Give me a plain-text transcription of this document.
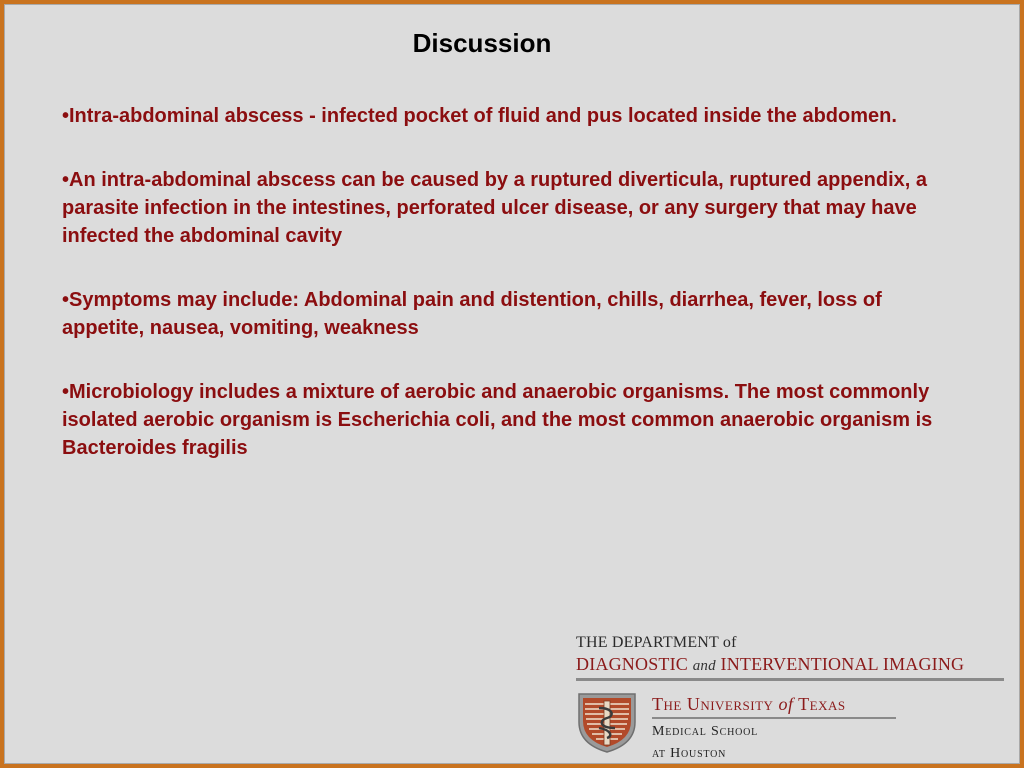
Discussion
•Intra-abdominal abscess - infected pocket of fluid and pus located inside the abdomen.
•An intra-abdominal abscess can be caused by a ruptured diverticula, ruptured appendix, a parasite infection in the intestines, perforated ulcer disease, or any surgery that may have infected the abdominal cavity
•Symptoms may include: Abdominal pain and distention, chills, diarrhea, fever, loss of appetite, nausea, vomiting, weakness
•Microbiology includes a mixture of aerobic and anaerobic organisms. The most commonly isolated aerobic organism is Escherichia coli, and the most common anaerobic organism is Bacteroides fragilis
THE DEPARTMENT of
DIAGNOSTIC and INTERVENTIONAL IMAGING
The University of Texas
Medical School
at Houston
